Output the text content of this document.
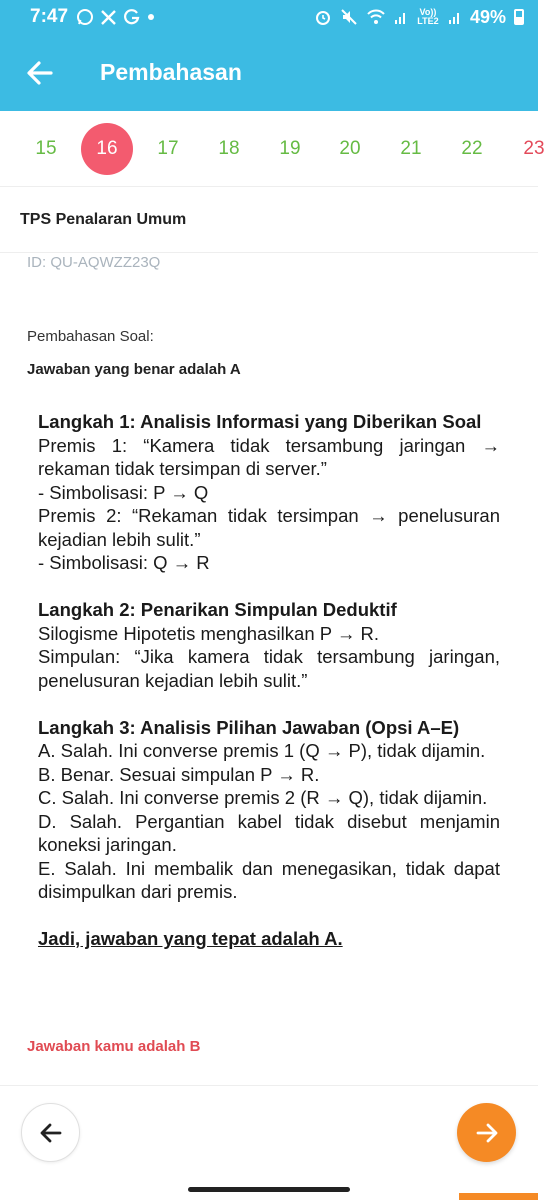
7:47	Vo)) LTE2 49%
Pembahasan
15	16	17	18	19	20	21	22	23
TPS Penalaran Umum
ID: QU-AQWZZ23Q
Pembahasan Soal:
Jawaban yang benar adalah A

Langkah 1: Analisis Informasi yang Diberikan Soal

Premis 1: “Kamera tidak tersambung jaringan → rekaman tidak tersimpan di server.”

- Simbolisasi: P → Q

Premis 2: “Rekaman tidak tersimpan → penelusuran kejadian lebih sulit.”

- Simbolisasi: Q → R

Langkah 2: Penarikan Simpulan Deduktif

Silogisme Hipotetis menghasilkan P → R.

Simpulan: “Jika kamera tidak tersambung jaringan, penelusuran kejadian lebih sulit.”

Langkah 3: Analisis Pilihan Jawaban (Opsi A–E)

A. Salah. Ini converse premis 1 (Q → P), tidak dijamin.

B. Benar. Sesuai simpulan P → R.

C. Salah. Ini converse premis 2 (R → Q), tidak dijamin.

D. Salah. Pergantian kabel tidak disebut menjamin koneksi jaringan.

E. Salah. Ini membalik dan menegasikan, tidak dapat disimpulkan dari premis.

Jadi, jawaban yang tepat adalah A.

Jawaban kamu adalah B
